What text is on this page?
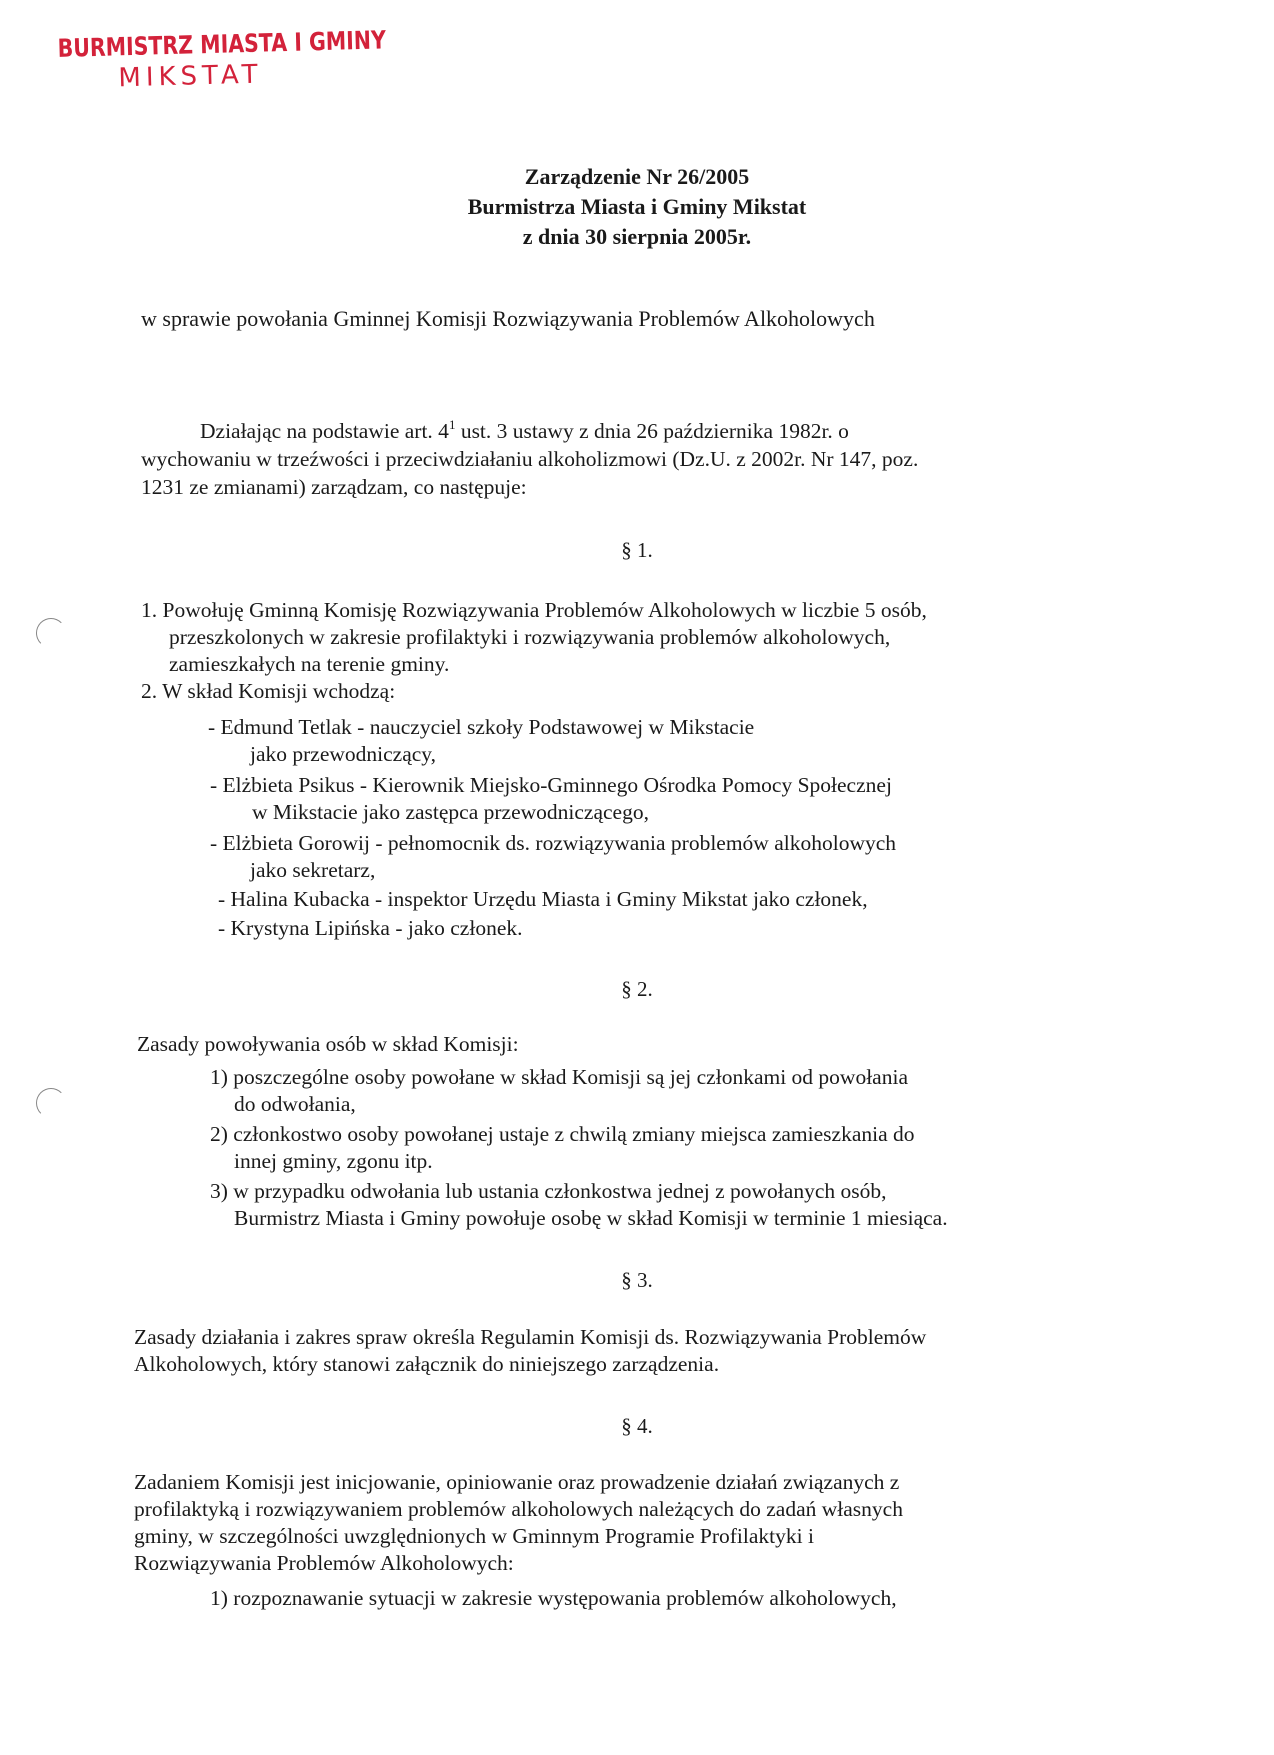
BURMISTRZ MIASTA I GMINY
MIKSTAT
Zarządzenie Nr 26/2005
Burmistrza Miasta i Gminy Mikstat
z dnia 30 sierpnia 2005r.
w sprawie powołania Gminnej Komisji Rozwiązywania Problemów Alkoholowych
Działając na podstawie art. $4^1$ ust. 3 ustawy z dnia 26 października 1982r. o
wychowaniu w trzeźwości i przeciwdziałaniu alkoholizmowi (Dz.U. z 2002r. Nr 147, poz.
1231 ze zmianami) zarządzam, co następuje:
§ 1.
1. Powołuję Gminną Komisję Rozwiązywania Problemów Alkoholowych w liczbie 5 osób,
przeszkolonych w zakresie profilaktyki i rozwiązywania problemów alkoholowych,
zamieszkałych na terenie gminy.
2. W skład Komisji wchodzą:
- Edmund Tetlak - nauczyciel szkoły Podstawowej w Mikstacie
jako przewodniczący,
- Elżbieta Psikus - Kierownik Miejsko-Gminnego Ośrodka Pomocy Społecznej
w Mikstacie jako zastępca przewodniczącego,
- Elżbieta Gorowij - pełnomocnik ds. rozwiązywania problemów alkoholowych
jako sekretarz,
- Halina Kubacka - inspektor Urzędu Miasta i Gminy Mikstat jako członek,
- Krystyna Lipińska - jako członek.
§ 2.
Zasady powoływania osób w skład Komisji:
1) poszczególne osoby powołane w skład Komisji są jej członkami od powołania
do odwołania,
2) członkostwo osoby powołanej ustaje z chwilą zmiany miejsca zamieszkania do
innej gminy, zgonu itp.
3) w przypadku odwołania lub ustania członkostwa jednej z powołanych osób,
Burmistrz Miasta i Gminy powołuje osobę w skład Komisji w terminie 1 miesiąca.
§ 3.
Zasady działania i zakres spraw określa Regulamin Komisji ds. Rozwiązywania Problemów
Alkoholowych, który stanowi załącznik do niniejszego zarządzenia.
§ 4.
Zadaniem Komisji jest inicjowanie, opiniowanie oraz prowadzenie działań związanych z
profilaktyką i rozwiązywaniem problemów alkoholowych należących do zadań własnych
gminy, w szczególności uwzględnionych w Gminnym Programie Profilaktyki i
Rozwiązywania Problemów Alkoholowych:
1) rozpoznawanie sytuacji w zakresie występowania problemów alkoholowych,
